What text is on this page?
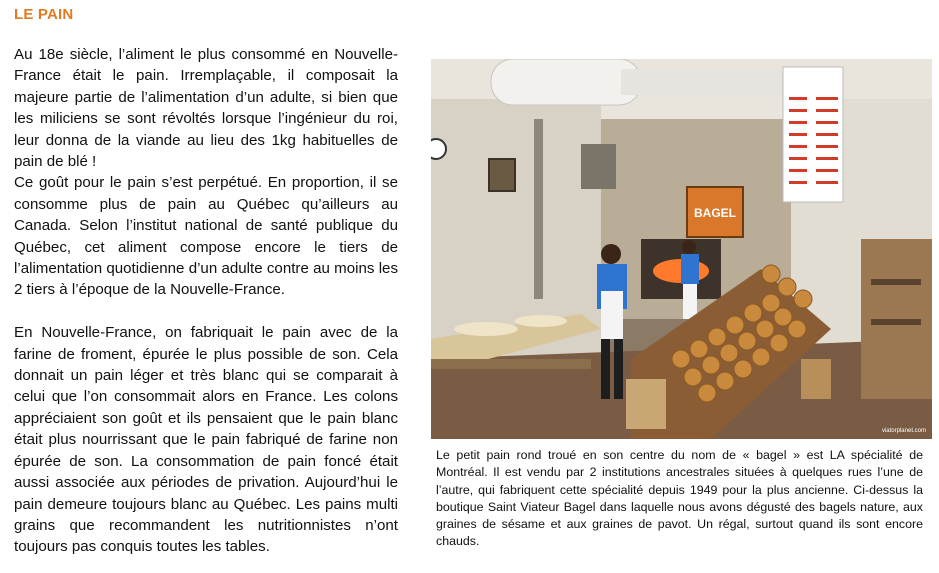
LE PAIN

Au 18e siècle, l’aliment le plus consommé en Nouvelle-France était le pain. Irremplaçable, il composait la majeure partie de l’alimentation d’un adulte, si bien que les miliciens se sont révoltés lorsque l’ingénieur du roi, leur donna de la viande au lieu des 1kg habituelles de pain de blé !

Ce goût pour le pain s’est perpétué. En proportion, il se consomme plus de pain au Québec qu’ailleurs au Canada. Selon l’institut national de santé publique du Québec, cet aliment compose encore le tiers de l’alimentation quotidienne d’un adulte contre au moins les 2 tiers à l’époque de la Nouvelle-France.

En Nouvelle-France, on fabriquait le pain avec de la farine de froment, épurée le plus possible de son. Cela donnait un pain léger et très blanc qui se comparait à celui que l’on consommait alors en France. Les colons appréciaient son goût et ils pensaient que le pain blanc était plus nourrissant que le pain fabriqué de farine non épurée de son. La consommation de pain foncé était aussi associée aux périodes de privation. Aujourd’hui le pain demeure toujours blanc au Québec. Les pains multi grains que recommandent les nutritionnistes n’ont toujours pas conquis toutes les tables.

BAGEL
viatorplanet.com
Le petit pain rond troué en son centre du nom de « bagel » est LA spécialité de Montréal. Il est vendu par 2 institutions ancestrales situées à quelques rues l’une de l’autre, qui fabriquent cette spécialité depuis 1949 pour la plus ancienne. Ci-dessus la boutique Saint Viateur Bagel dans laquelle nous avons dégusté des bagels nature, aux graines de sésame et aux graines de pavot. Un régal, surtout quand ils sont encore chauds.
